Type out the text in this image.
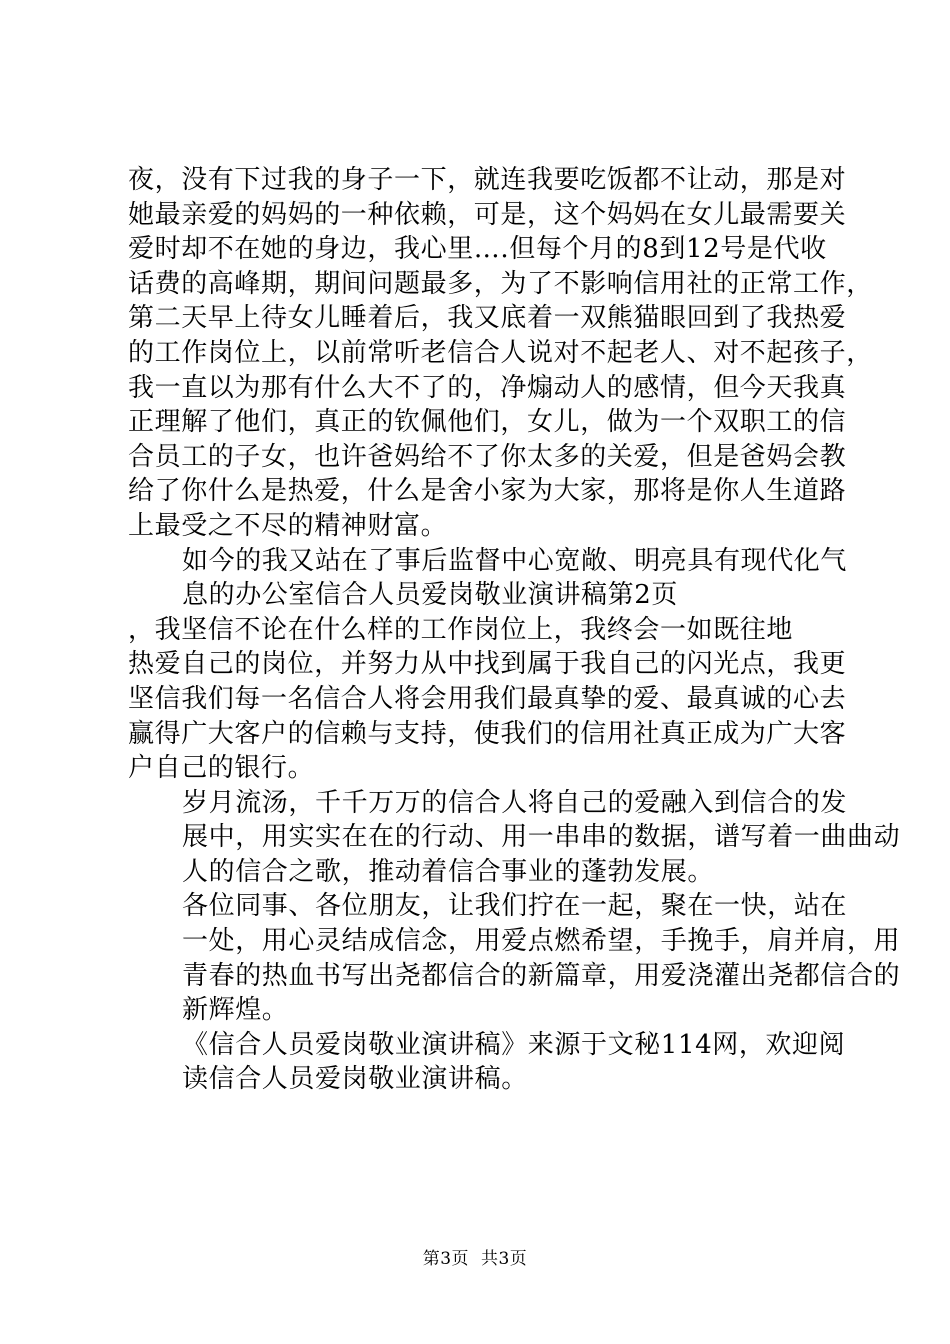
夜，没有下过我的身子一下，就连我要吃饭都不让动，那是对
她最亲爱的妈妈的一种依赖，可是，这个妈妈在女儿最需要关
爱时却不在她的身边，我心里….但每个月的8到12号是代收
话费的高峰期，期间问题最多，为了不影响信用社的正常工作，
第二天早上待女儿睡着后，我又底着一双熊猫眼回到了我热爱
的工作岗位上，以前常听老信合人说对不起老人、对不起孩子，
我一直以为那有什么大不了的，净煽动人的感情，但今天我真
正理解了他们，真正的钦佩他们，女儿，做为一个双职工的信
合员工的子女，也许爸妈给不了你太多的关爱，但是爸妈会教
给了你什么是热爱，什么是舍小家为大家，那将是你人生道路
上最受之不尽的精神财富。

如今的我又站在了事后监督中心宽敞、明亮具有现代化气
息的办公室信合人员爱岗敬业演讲稿第2页

，我坚信不论在什么样的工作岗位上，我终会一如既往地
热爱自己的岗位，并努力从中找到属于我自己的闪光点，我更
坚信我们每一名信合人将会用我们最真挚的爱、最真诚的心去
赢得广大客户的信赖与支持，使我们的信用社真正成为广大客
户自己的银行。

岁月流汤，千千万万的信合人将自己的爱融入到信合的发
展中，用实实在在的行动、用一串串的数据，谱写着一曲曲动
人的信合之歌，推动着信合事业的蓬勃发展。

各位同事、各位朋友，让我们拧在一起，聚在一快，站在
一处，用心灵结成信念，用爱点燃希望，手挽手，肩并肩，用
青春的热血书写出尧都信合的新篇章，用爱浇灌出尧都信合的
新辉煌。

《信合人员爱岗敬业演讲稿》来源于文秘114网，欢迎阅
读信合人员爱岗敬业演讲稿。

第3页 共3页
